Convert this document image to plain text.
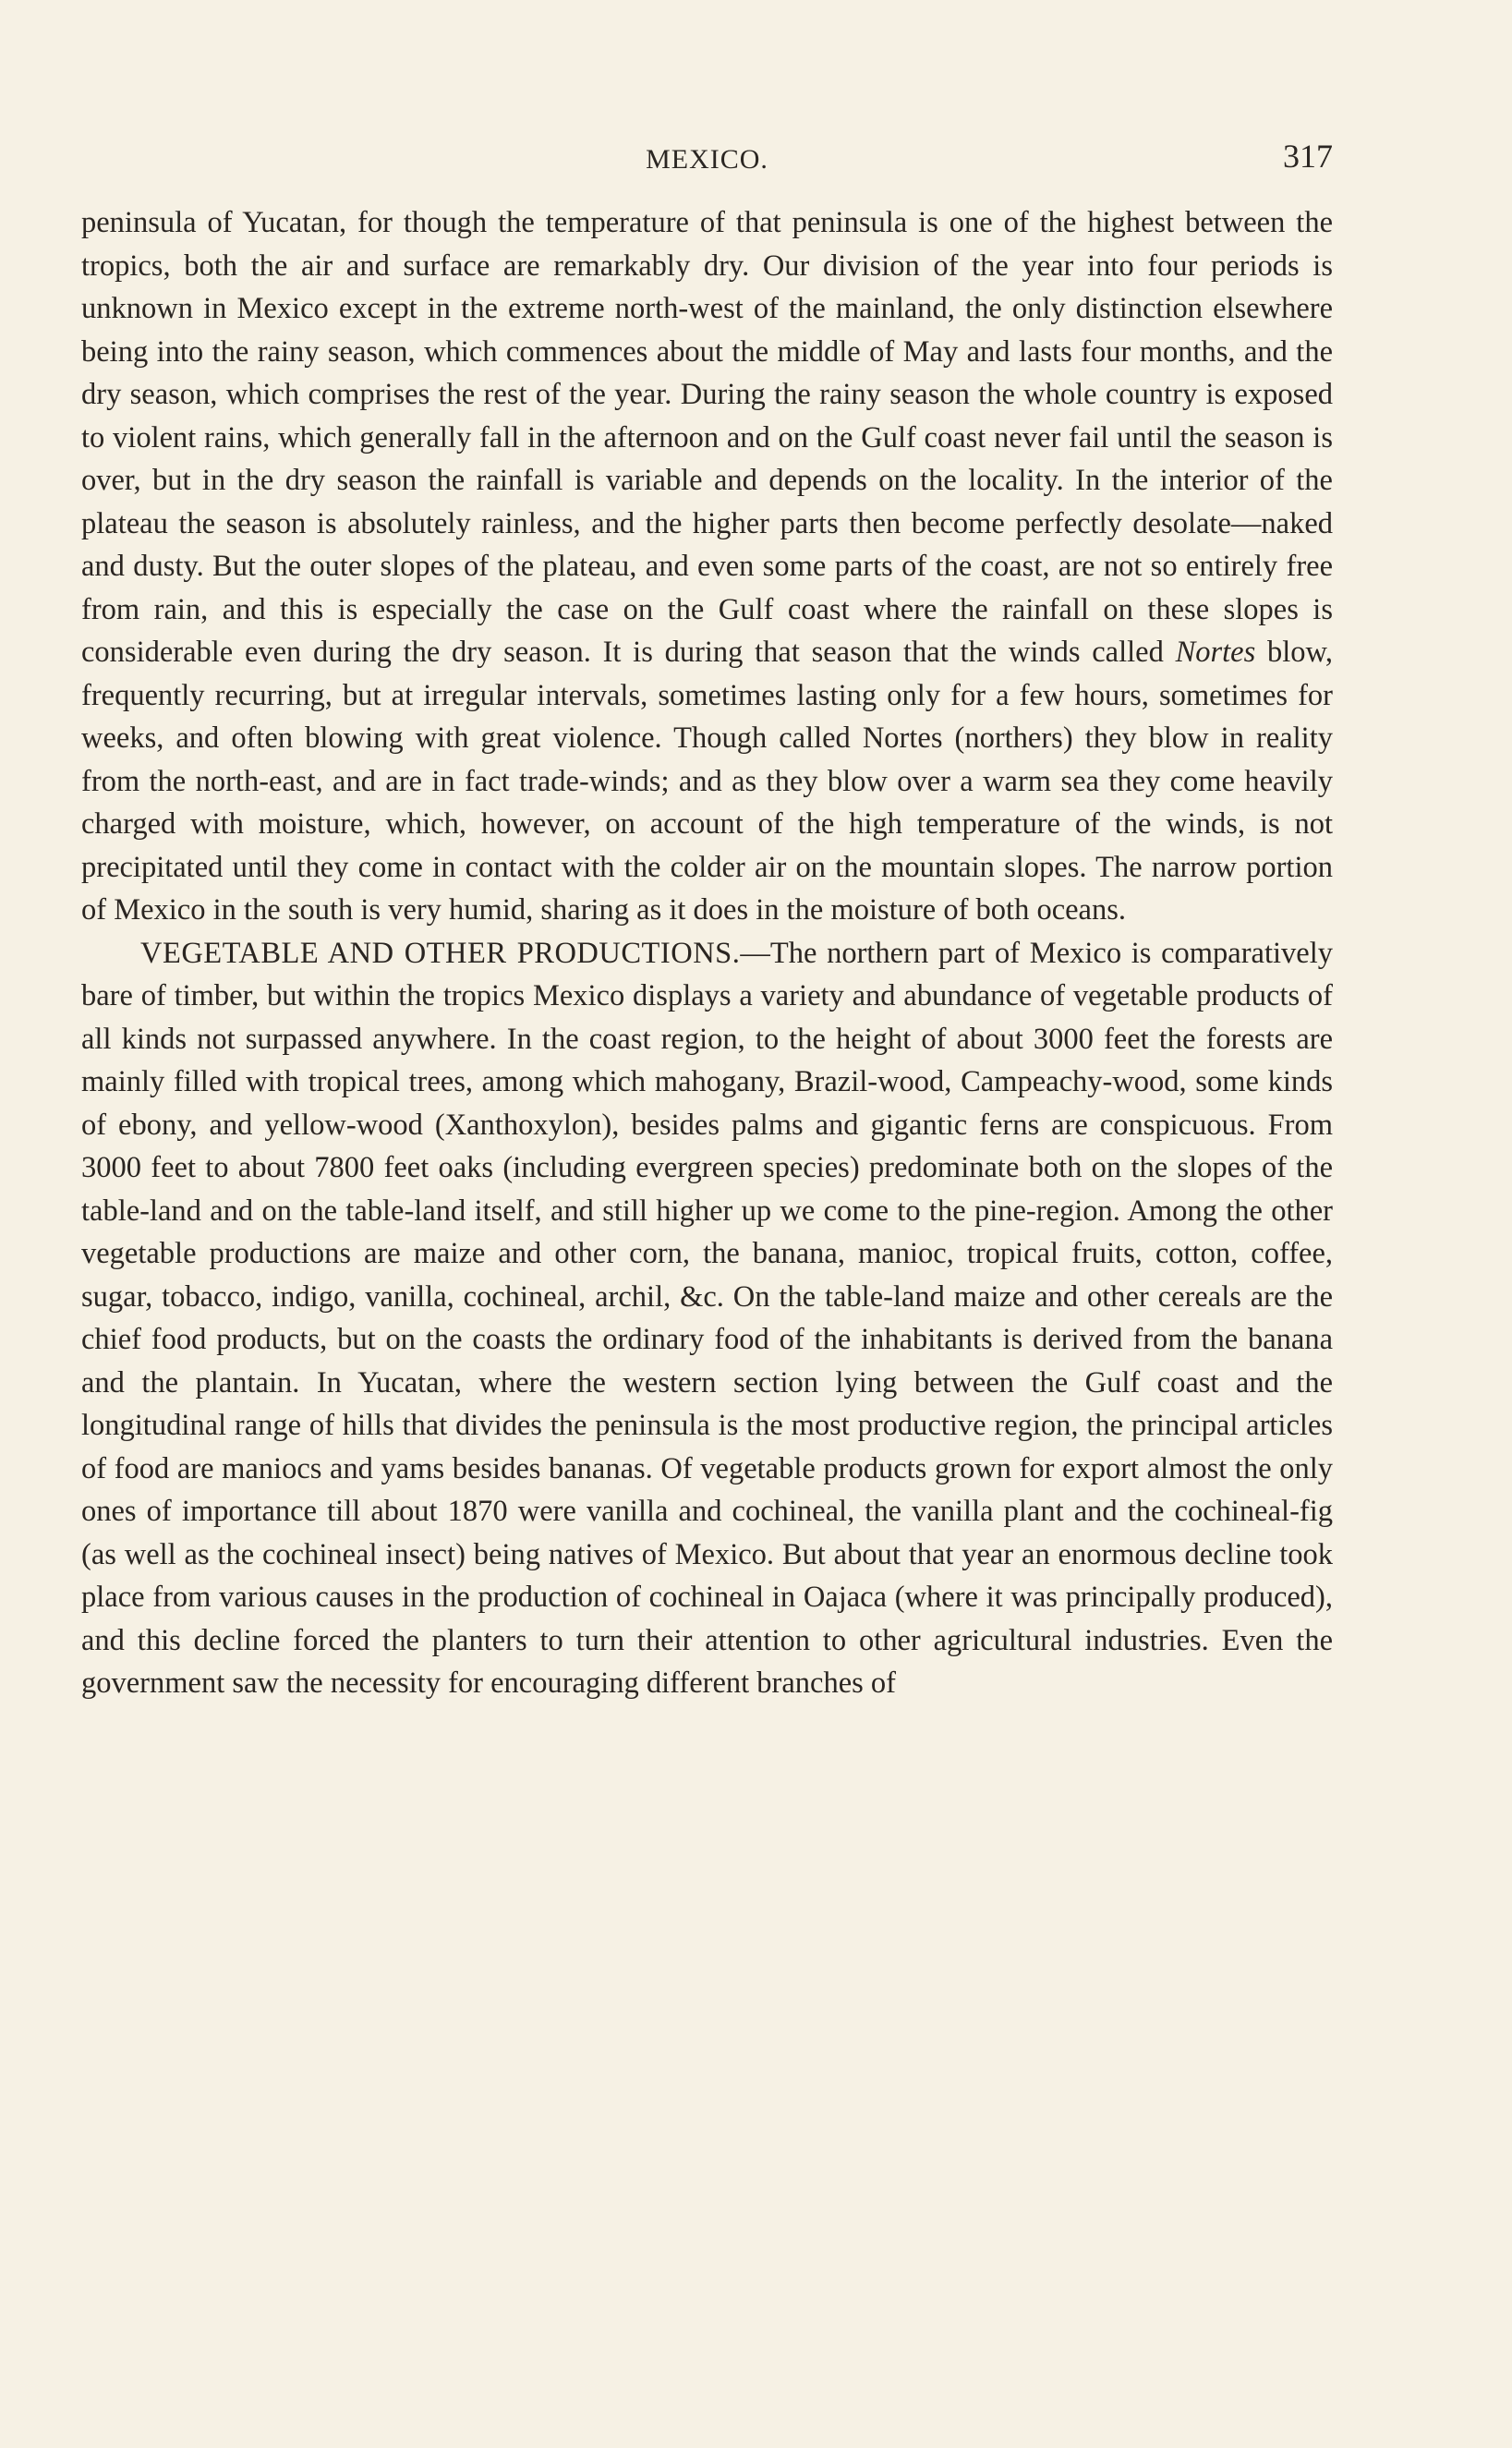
MEXICO.	317

peninsula of Yucatan, for though the temperature of that peninsula is one of the highest between the tropics, both the air and surface are remarkably dry. Our division of the year into four periods is unknown in Mexico except in the extreme north-west of the mainland, the only distinction elsewhere being into the rainy season, which commences about the middle of May and lasts four months, and the dry season, which comprises the rest of the year. During the rainy season the whole country is exposed to violent rains, which generally fall in the afternoon and on the Gulf coast never fail until the season is over, but in the dry season the rainfall is variable and depends on the locality. In the interior of the plateau the season is absolutely rainless, and the higher parts then become perfectly desolate—naked and dusty. But the outer slopes of the plateau, and even some parts of the coast, are not so entirely free from rain, and this is especially the case on the Gulf coast where the rainfall on these slopes is considerable even during the dry season. It is during that season that the winds called Nortes blow, frequently recurring, but at irregular intervals, sometimes lasting only for a few hours, sometimes for weeks, and often blowing with great violence. Though called Nortes (northers) they blow in reality from the north-east, and are in fact trade-winds; and as they blow over a warm sea they come heavily charged with moisture, which, however, on account of the high temperature of the winds, is not precipitated until they come in contact with the colder air on the mountain slopes. The narrow portion of Mexico in the south is very humid, sharing as it does in the moisture of both oceans.

VEGETABLE AND OTHER PRODUCTIONS.—The northern part of Mexico is comparatively bare of timber, but within the tropics Mexico displays a variety and abundance of vegetable products of all kinds not surpassed anywhere. In the coast region, to the height of about 3000 feet the forests are mainly filled with tropical trees, among which mahogany, Brazil-wood, Campeachy-wood, some kinds of ebony, and yellow-wood (Xanthoxylon), besides palms and gigantic ferns are conspicuous. From 3000 feet to about 7800 feet oaks (including evergreen species) predominate both on the slopes of the table-land and on the table-land itself, and still higher up we come to the pine-region. Among the other vegetable productions are maize and other corn, the banana, manioc, tropical fruits, cotton, coffee, sugar, tobacco, indigo, vanilla, cochineal, archil, &c. On the table-land maize and other cereals are the chief food products, but on the coasts the ordinary food of the inhabitants is derived from the banana and the plantain. In Yucatan, where the western section lying between the Gulf coast and the longitudinal range of hills that divides the peninsula is the most productive region, the principal articles of food are maniocs and yams besides bananas. Of vegetable products grown for export almost the only ones of importance till about 1870 were vanilla and cochineal, the vanilla plant and the cochineal-fig (as well as the cochineal insect) being natives of Mexico. But about that year an enormous decline took place from various causes in the production of cochineal in Oajaca (where it was principally produced), and this decline forced the planters to turn their attention to other agricultural industries. Even the government saw the necessity for encouraging different branches of
